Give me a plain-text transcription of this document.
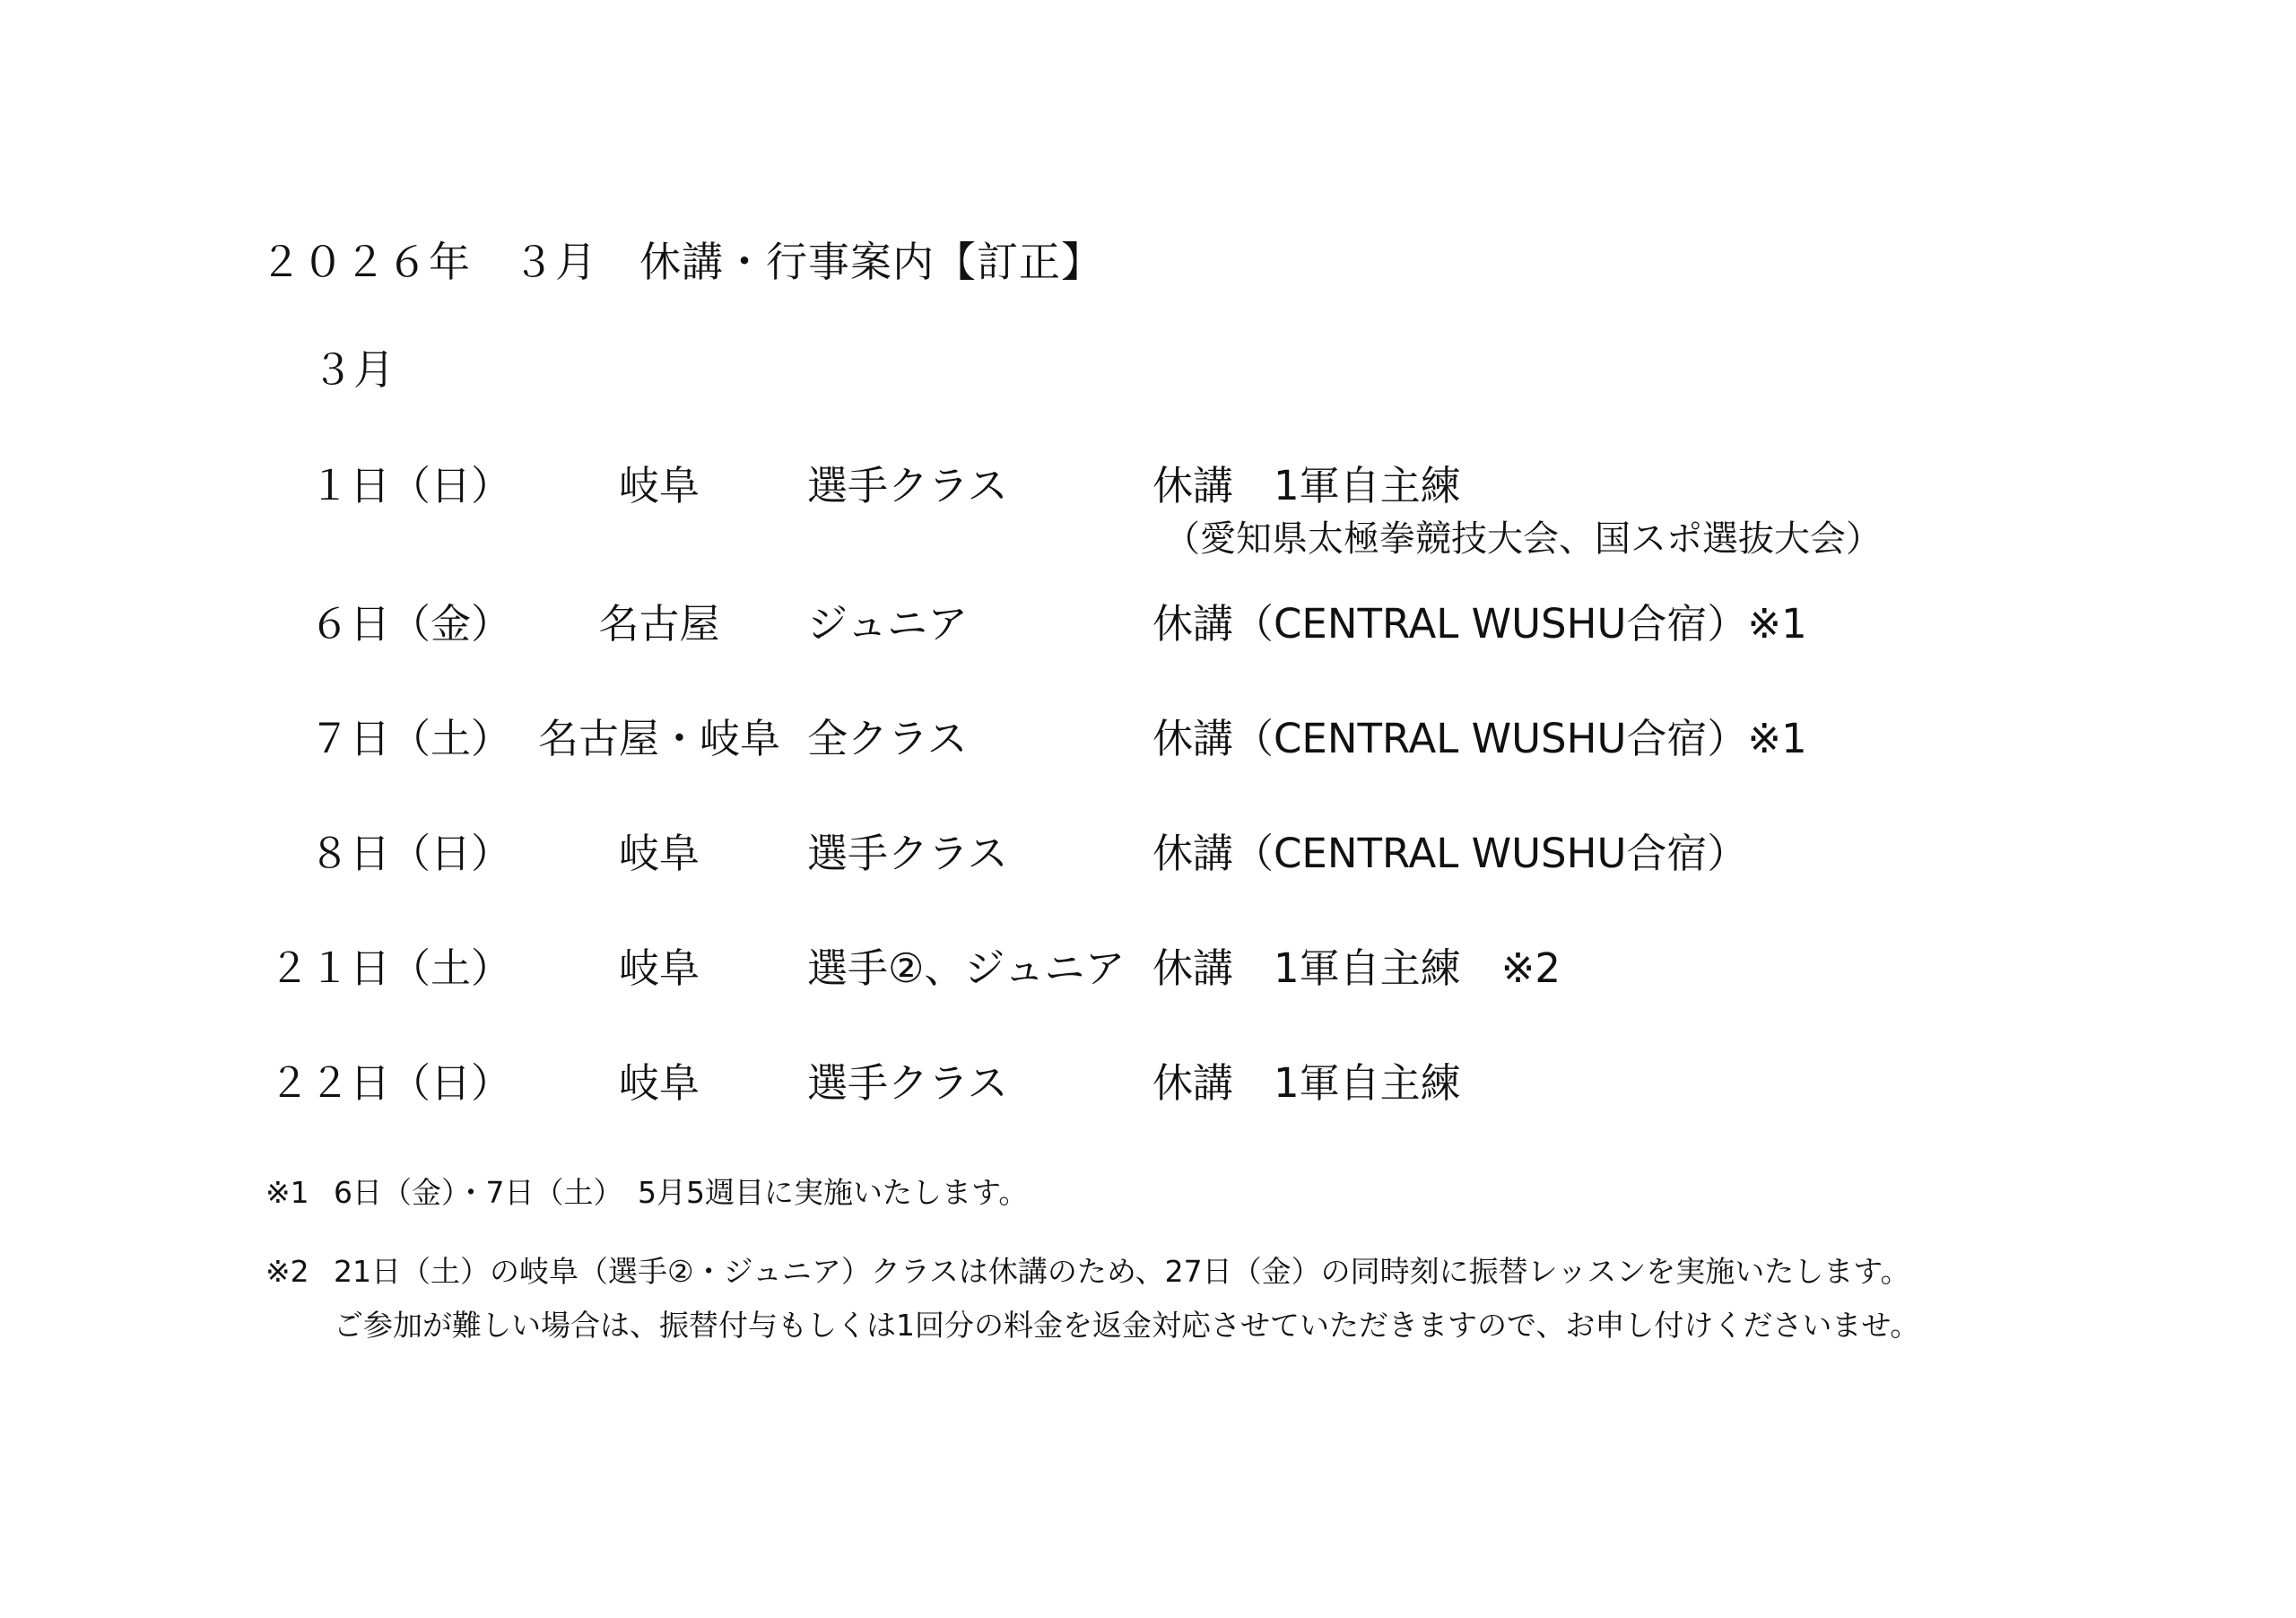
２０２６年　３月　休講・行事案内【訂正】
３月
１日（日）	岐阜	選手クラス	休講　1軍自主練
（愛知県太極拳競技大会、国スポ選抜大会）
６日（金）	名古屋	ジュニア	休講（CENTRAL WUSHU合宿）※1
７日（土） 名古屋・岐阜 全クラス	休講（CENTRAL WUSHU合宿）※1
８日（日）	岐阜	選手クラス	休講（CENTRAL WUSHU合宿）
２１日（土）	岐阜	選手②、ジュニア 休講　1軍自主練　※2
２２日（日）	岐阜	選手クラス	休講　1軍自主練
※1 6日（金）・7日（土）　5月5週目に実施いたします。
※2 21日（土）の岐阜（選手②・ジュニア）クラスは休講のため、27日（金）の同時刻に振替レッスンを実施いたします。
ご参加が難しい場合は、振替付与もしくは1回分の料金を返金対応させていただきますので、お申し付けくださいませ。
